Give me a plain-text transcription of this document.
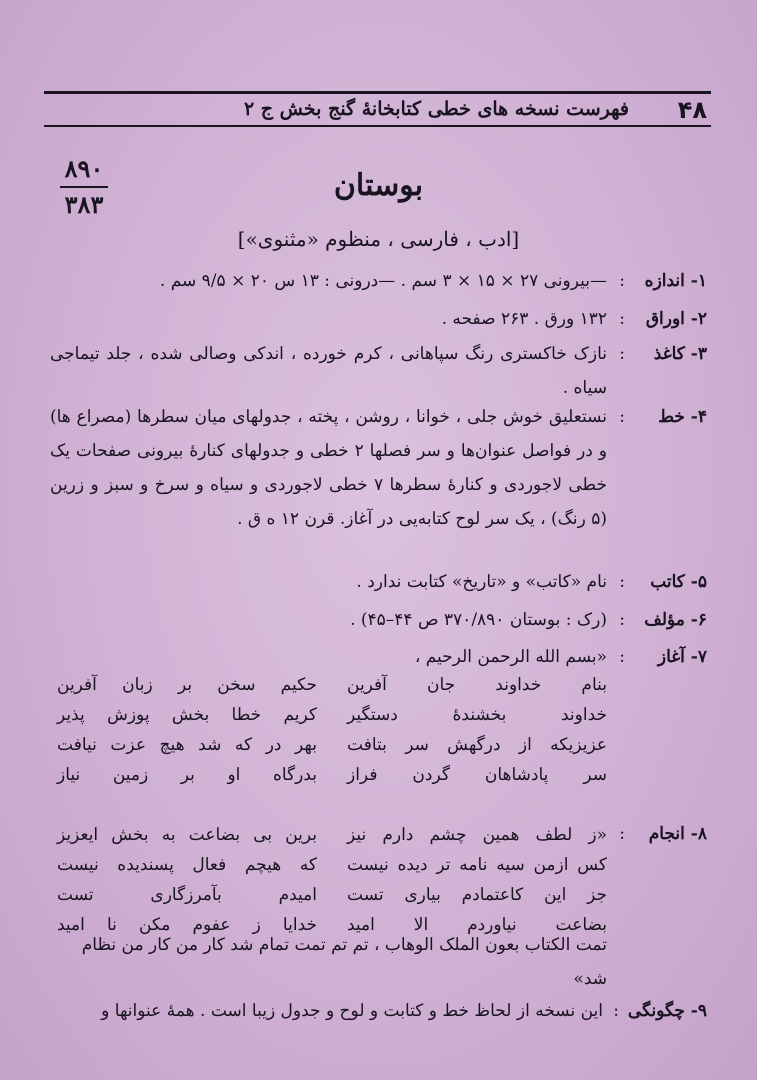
فهرست نسخه های خطی کتابخانهٔ گنج بخش ج ۲ ۴۸
۸۹۰
۳۸۳
بوستان
[ادب ، فارسی ، منظوم «مثنوی»]
۱- اندازه
:
—بیرونی ۲۷ × ۱۵ × ۳ سم . —درونی : ۱۳ س ۲۰ × ۹/۵ سم .
۲- اوراق
:
۱۳۲ ورق . ۲۶۳ صفحه .
۳- کاغذ
:
نازک خاکستری رنگ سپاهانی ، کرم خورده ، اندکی وصالی شده ، جلد تیماجی سیاه .
۴- خط
:
نستعلیق خوش جلی ، خوانا ، روشن ، پخته ، جدولهای میان سطرها (مصراع ها) و در فواصل عنوان‌ها و سر فصلها ۲ خطی و جدولهای کنارهٔ بیرونی صفحات یک خطی لاجوردی و کنارهٔ سطرها ۷ خطی لاجوردی و سیاه و سرخ و سبز و زرین (۵ رنگ) ، یک سر لوح کتابه‌یی در آغاز. قرن ۱۲ ه ق .
۵- کاتب
:
نام «کاتب» و «تاریخ» کتابت ندارد .
۶- مؤلف
:
(رک : بوستان ۳۷۰/۸۹۰ ص ۴۴–۴۵) .
۷- آغاز
:
«بسم الله الرحمن الرحیم ،
بنام خداوند جان آفرین
خداوند بخشندهٔ دستگیر
عزیزیکه از درگهش سر بتافت
سر پادشاهان گردن فراز
حکیم سخن بر زبان آفرین
کریم خطا بخش پوزش پذیر
بهر در که شد هیچ عزت نیافت
بدرگاه او بر زمین نیاز
۸- انجام
:
«ز لطف همین چشم دارم نیز
کس ازمن سیه نامه تر دیده نیست
جز این کاعتمادم بیاری تست
بضاعت نیاوردم الا امید
برین بی بضاعت به بخش ایعزیز
که هیچم فعال پسندیده نیست
امیدم بآمرزگاری تست
خدایا ز عفوم مکن نا امید
تمت الکتاب بعون الملک الوهاب ، تم تم تمت تمام شد کار من کار من نظام شد»
۹- چگونگی
:
این نسخه از لحاظ خط و کتابت و لوح و جدول زیبا است . همهٔ عنوانها و
